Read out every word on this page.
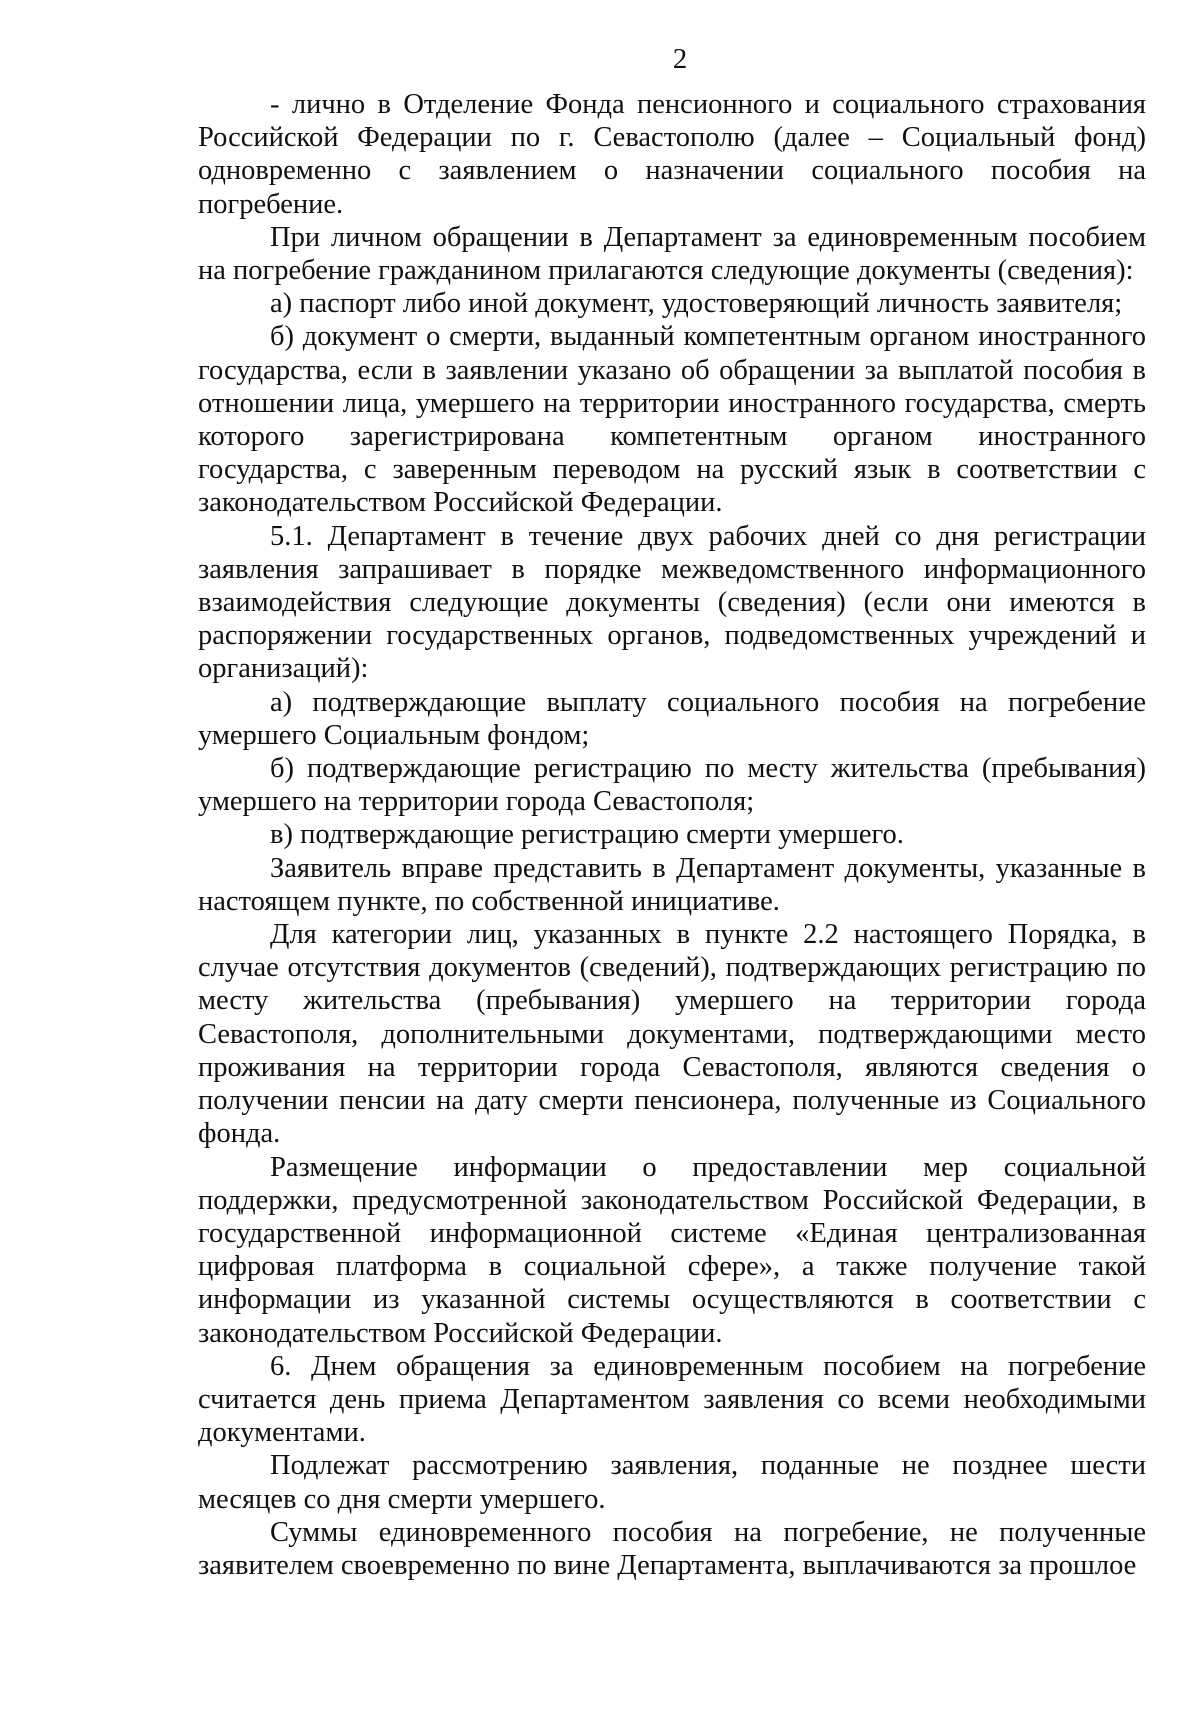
2

- лично в Отделение Фонда пенсионного и социального страхования Российской Федерации по г. Севастополю (далее – Социальный фонд) одновременно с заявлением о назначении социального пособия на погребение.

При личном обращении в Департамент за единовременным пособием на погребение гражданином прилагаются следующие документы (сведения):

а) паспорт либо иной документ, удостоверяющий личность заявителя;

б) документ о смерти, выданный компетентным органом иностранного государства, если в заявлении указано об обращении за выплатой пособия в отношении лица, умершего на территории иностранного государства, смерть которого зарегистрирована компетентным органом иностранного государства, с заверенным переводом на русский язык в соответствии с законодательством Российской Федерации.

5.1. Департамент в течение двух рабочих дней со дня регистрации заявления запрашивает в порядке межведомственного информационного взаимодействия следующие документы (сведения) (если они имеются в распоряжении государственных органов, подведомственных учреждений и организаций):

а) подтверждающие выплату социального пособия на погребение умершего Социальным фондом;

б) подтверждающие регистрацию по месту жительства (пребывания) умершего на территории города Севастополя;

в) подтверждающие регистрацию смерти умершего.

Заявитель вправе представить в Департамент документы, указанные в настоящем пункте, по собственной инициативе.

Для категории лиц, указанных в пункте 2.2 настоящего Порядка, в случае отсутствия документов (сведений), подтверждающих регистрацию по месту жительства (пребывания) умершего на территории города Севастополя, дополнительными документами, подтверждающими место проживания на территории города Севастополя, являются сведения о получении пенсии на дату смерти пенсионера, полученные из Социального фонда.

Размещение информации о предоставлении мер социальной поддержки, предусмотренной законодательством Российской Федерации, в государственной информационной системе «Единая централизованная цифровая платформа в социальной сфере», а также получение такой информации из указанной системы осуществляются в соответствии с законодательством Российской Федерации.

6. Днем обращения за единовременным пособием на погребение считается день приема Департаментом заявления со всеми необходимыми документами.

Подлежат рассмотрению заявления, поданные не позднее шести месяцев со дня смерти умершего.

Суммы единовременного пособия на погребение, не полученные заявителем своевременно по вине Департамента, выплачиваются за прошлое
